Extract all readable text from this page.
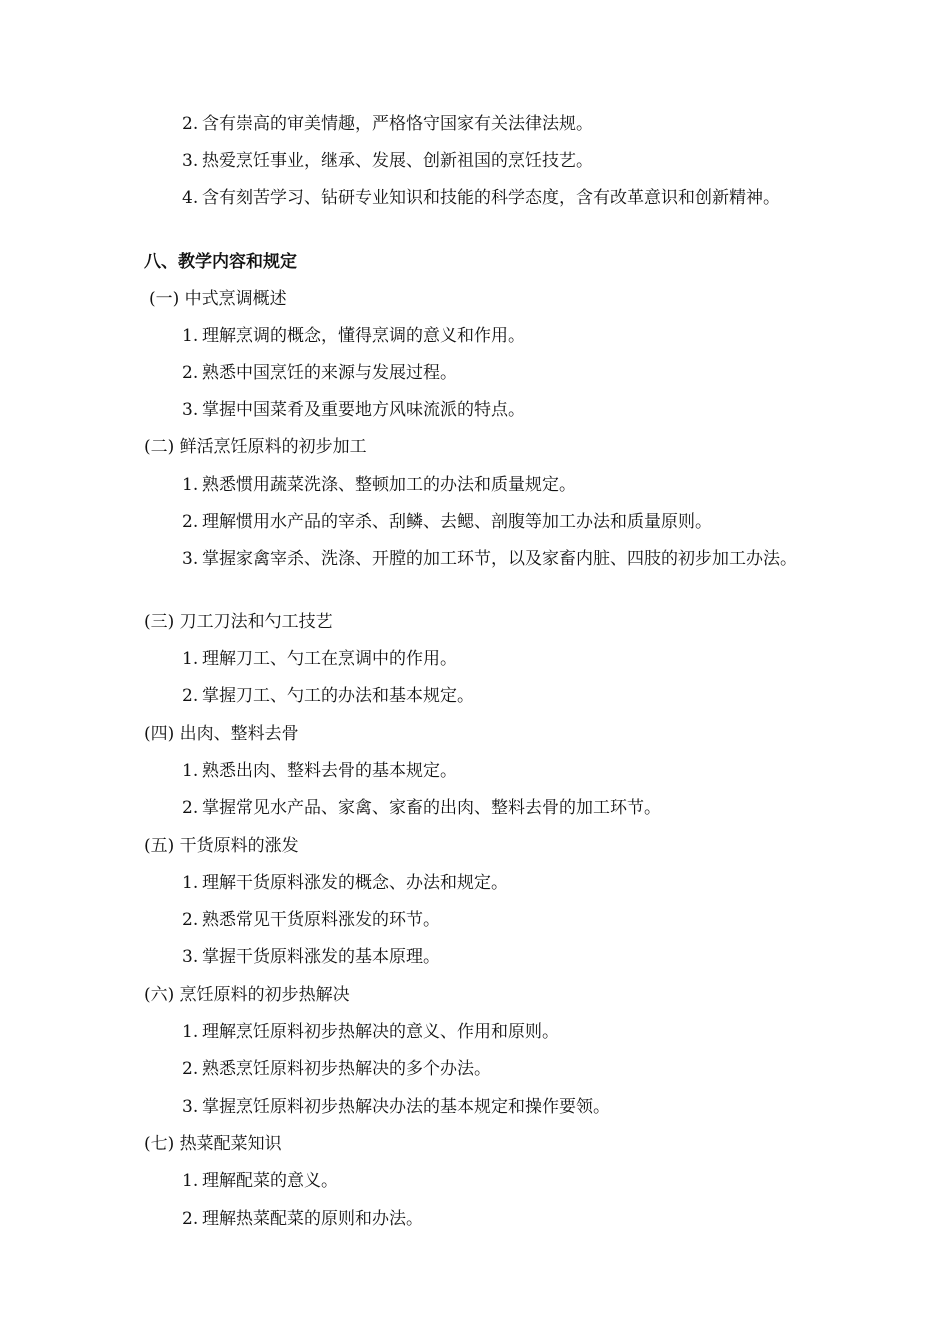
2. 含有崇高的审美情趣，严格恪守国家有关法律法规。
3. 热爱烹饪事业，继承、发展、创新祖国的烹饪技艺。
4. 含有刻苦学习、钻研专业知识和技能的科学态度，含有改革意识和创新精神。
八、教学内容和规定
(一) 中式烹调概述
1. 理解烹调的概念，懂得烹调的意义和作用。
2. 熟悉中国烹饪的来源与发展过程。
3. 掌握中国菜肴及重要地方风味流派的特点。
(二) 鲜活烹饪原料的初步加工
1. 熟悉惯用蔬菜洗涤、整顿加工的办法和质量规定。
2. 理解惯用水产品的宰杀、刮鳞、去鳃、剖腹等加工办法和质量原则。
3. 掌握家禽宰杀、洗涤、开膛的加工环节，以及家畜内脏、四肢的初步加工办法。
(三) 刀工刀法和勺工技艺
1. 理解刀工、勺工在烹调中的作用。
2. 掌握刀工、勺工的办法和基本规定。
(四) 出肉、整料去骨
1. 熟悉出肉、整料去骨的基本规定。
2. 掌握常见水产品、家禽、家畜的出肉、整料去骨的加工环节。
(五) 干货原料的涨发
1. 理解干货原料涨发的概念、办法和规定。
2. 熟悉常见干货原料涨发的环节。
3. 掌握干货原料涨发的基本原理。
(六) 烹饪原料的初步热解决
1. 理解烹饪原料初步热解决的意义、作用和原则。
2. 熟悉烹饪原料初步热解决的多个办法。
3. 掌握烹饪原料初步热解决办法的基本规定和操作要领。
(七) 热菜配菜知识
1. 理解配菜的意义。
2. 理解热菜配菜的原则和办法。
